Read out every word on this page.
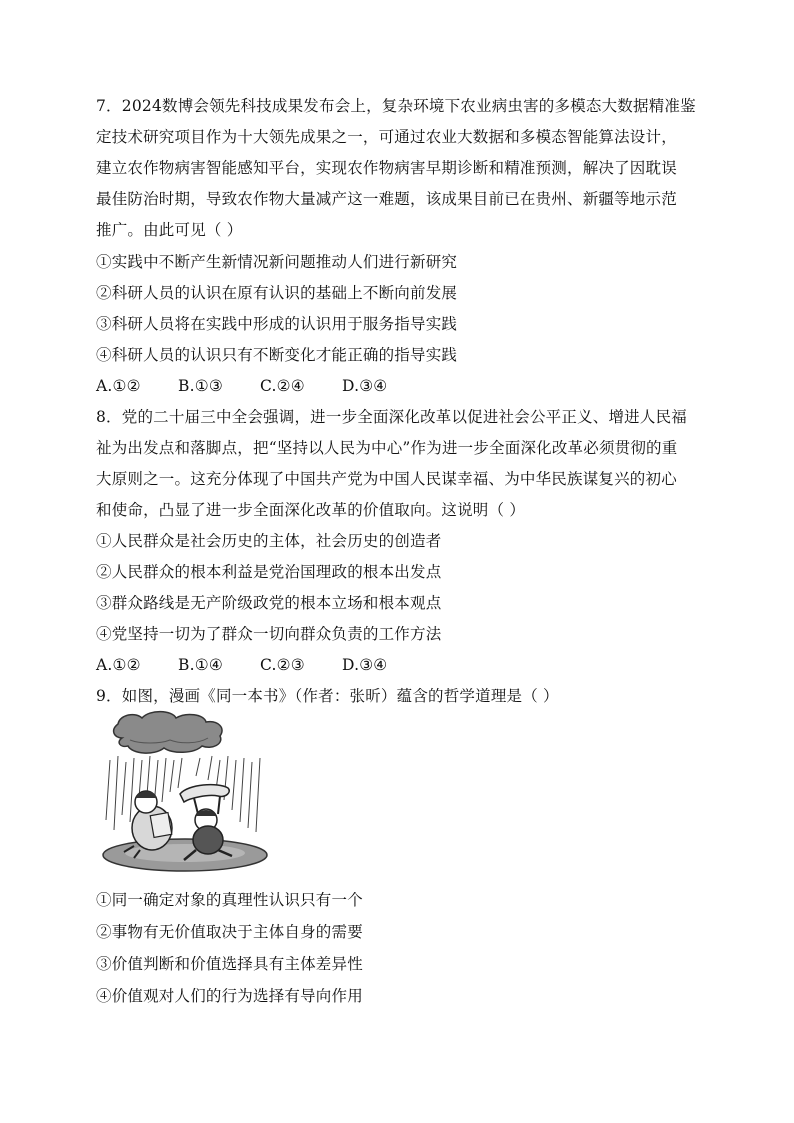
7．2024数博会领先科技成果发布会上，复杂环境下农业病虫害的多模态大数据精准鉴
定技术研究项目作为十大领先成果之一，可通过农业大数据和多模态智能算法设计，
建立农作物病害智能感知平台，实现农作物病害早期诊断和精准预测，解决了因耽误
最佳防治时期，导致农作物大量减产这一难题，该成果目前已在贵州、新疆等地示范
推广。由此可见（ ）
①实践中不断产生新情况新问题推动人们进行新研究
②科研人员的认识在原有认识的基础上不断向前发展
③科研人员将在实践中形成的认识用于服务指导实践
④科研人员的认识只有不断变化才能正确的指导实践
A.①② B.①③ C.②④ D.③④
8．党的二十届三中全会强调，进一步全面深化改革以促进社会公平正义、增进人民福
祉为出发点和落脚点，把“坚持以人民为中心”作为进一步全面深化改革必须贯彻的重
大原则之一。这充分体现了中国共产党为中国人民谋幸福、为中华民族谋复兴的初心
和使命，凸显了进一步全面深化改革的价值取向。这说明（ ）
①人民群众是社会历史的主体，社会历史的创造者
②人民群众的根本利益是党治国理政的根本出发点
③群众路线是无产阶级政党的根本立场和根本观点
④党坚持一切为了群众一切向群众负责的工作方法
A.①② B.①④ C.②③ D.③④
9．如图，漫画《同一本书》（作者：张昕）蕴含的哲学道理是（ ）
①同一确定对象的真理性认识只有一个
②事物有无价值取决于主体自身的需要
③价值判断和价值选择具有主体差异性
④价值观对人们的行为选择有导向作用
